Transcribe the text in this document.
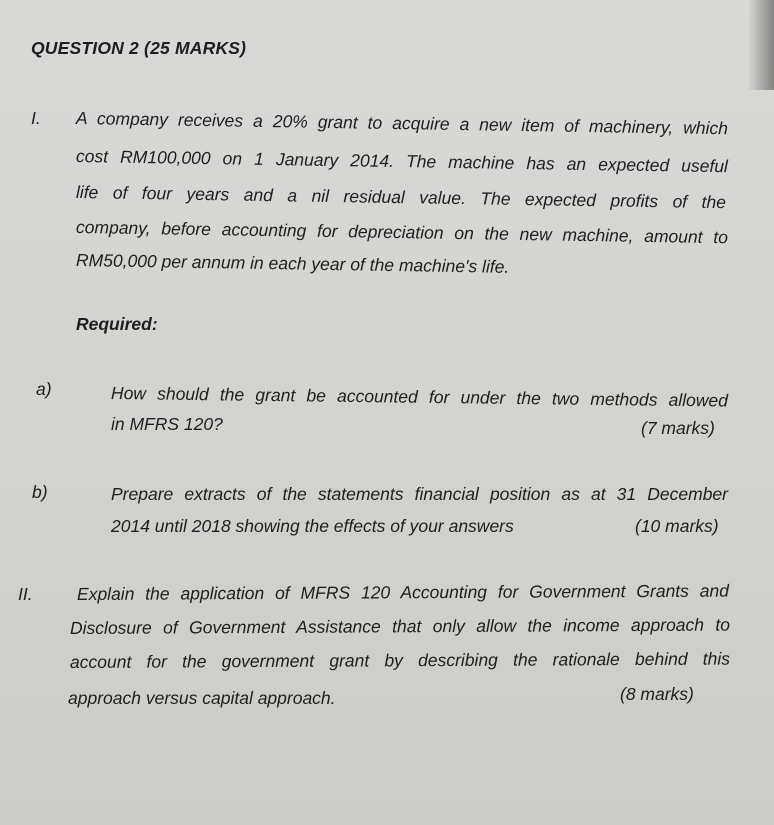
QUESTION 2 (25 MARKS)
I. A company receives a 20% grant to acquire a new item of machinery, which
cost RM100,000 on 1 January 2014. The machine has an expected useful
life of four years and a nil residual value. The expected profits of the
company, before accounting for depreciation on the new machine, amount to
RM50,000 per annum in each year of the machine's life.
Required:
a)	How should the grant be accounted for under the two methods allowed
in MFRS 120?	(7 marks)
b)	Prepare extracts of the statements financial position as at 31 December
2014 until 2018 showing the effects of your answers	(10 marks)
II.	Explain the application of MFRS 120 Accounting for Government Grants and
Disclosure of Government Assistance that only allow the income approach to
account for the government grant by describing the rationale behind this
approach versus capital approach.	(8 marks)
